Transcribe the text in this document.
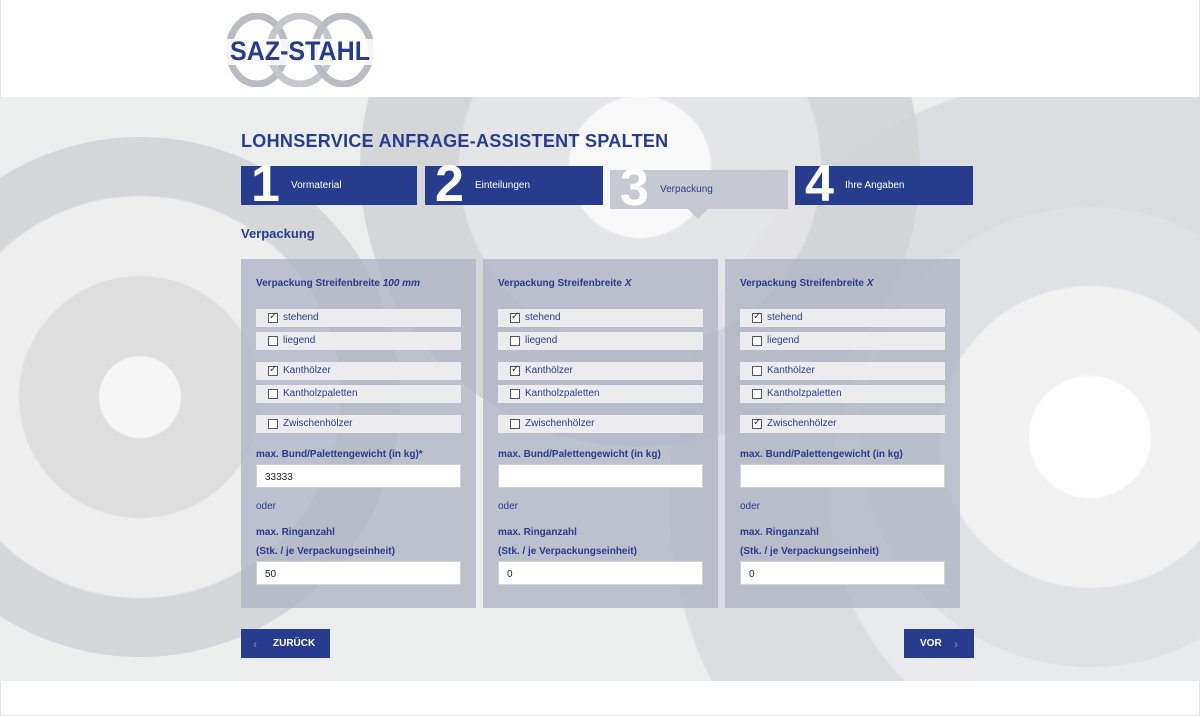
SAZ-STAHL
LOHNSERVICE ANFRAGE-ASSISTENT SPALTEN
1 Vormaterial 2 Einteilungen 3 Verpackung 4 Ihre Angaben
Verpackung
Verpackung Streifenbreite 100 mm
✓
stehend
liegend
✓
Kanthölzer
Kantholzpaletten
Zwischenhölzer
max. Bund/Palettengewicht (in kg)*
33333
oder
max. Ringanzahl
(Stk. / je Verpackungseinheit)
50
Verpackung Streifenbreite X
✓
stehend
liegend
✓
Kanthölzer
Kantholzpaletten
Zwischenhölzer
max. Bund/Palettengewicht (in kg)
oder
max. Ringanzahl
(Stk. / je Verpackungseinheit)
0
Verpackung Streifenbreite X
✓
stehend
liegend
Kanthölzer
Kantholzpaletten
✓
Zwischenhölzer
max. Bund/Palettengewicht (in kg)
oder
max. Ringanzahl
(Stk. / je Verpackungseinheit)
0
‹ ZURÜCK	VOR ›
